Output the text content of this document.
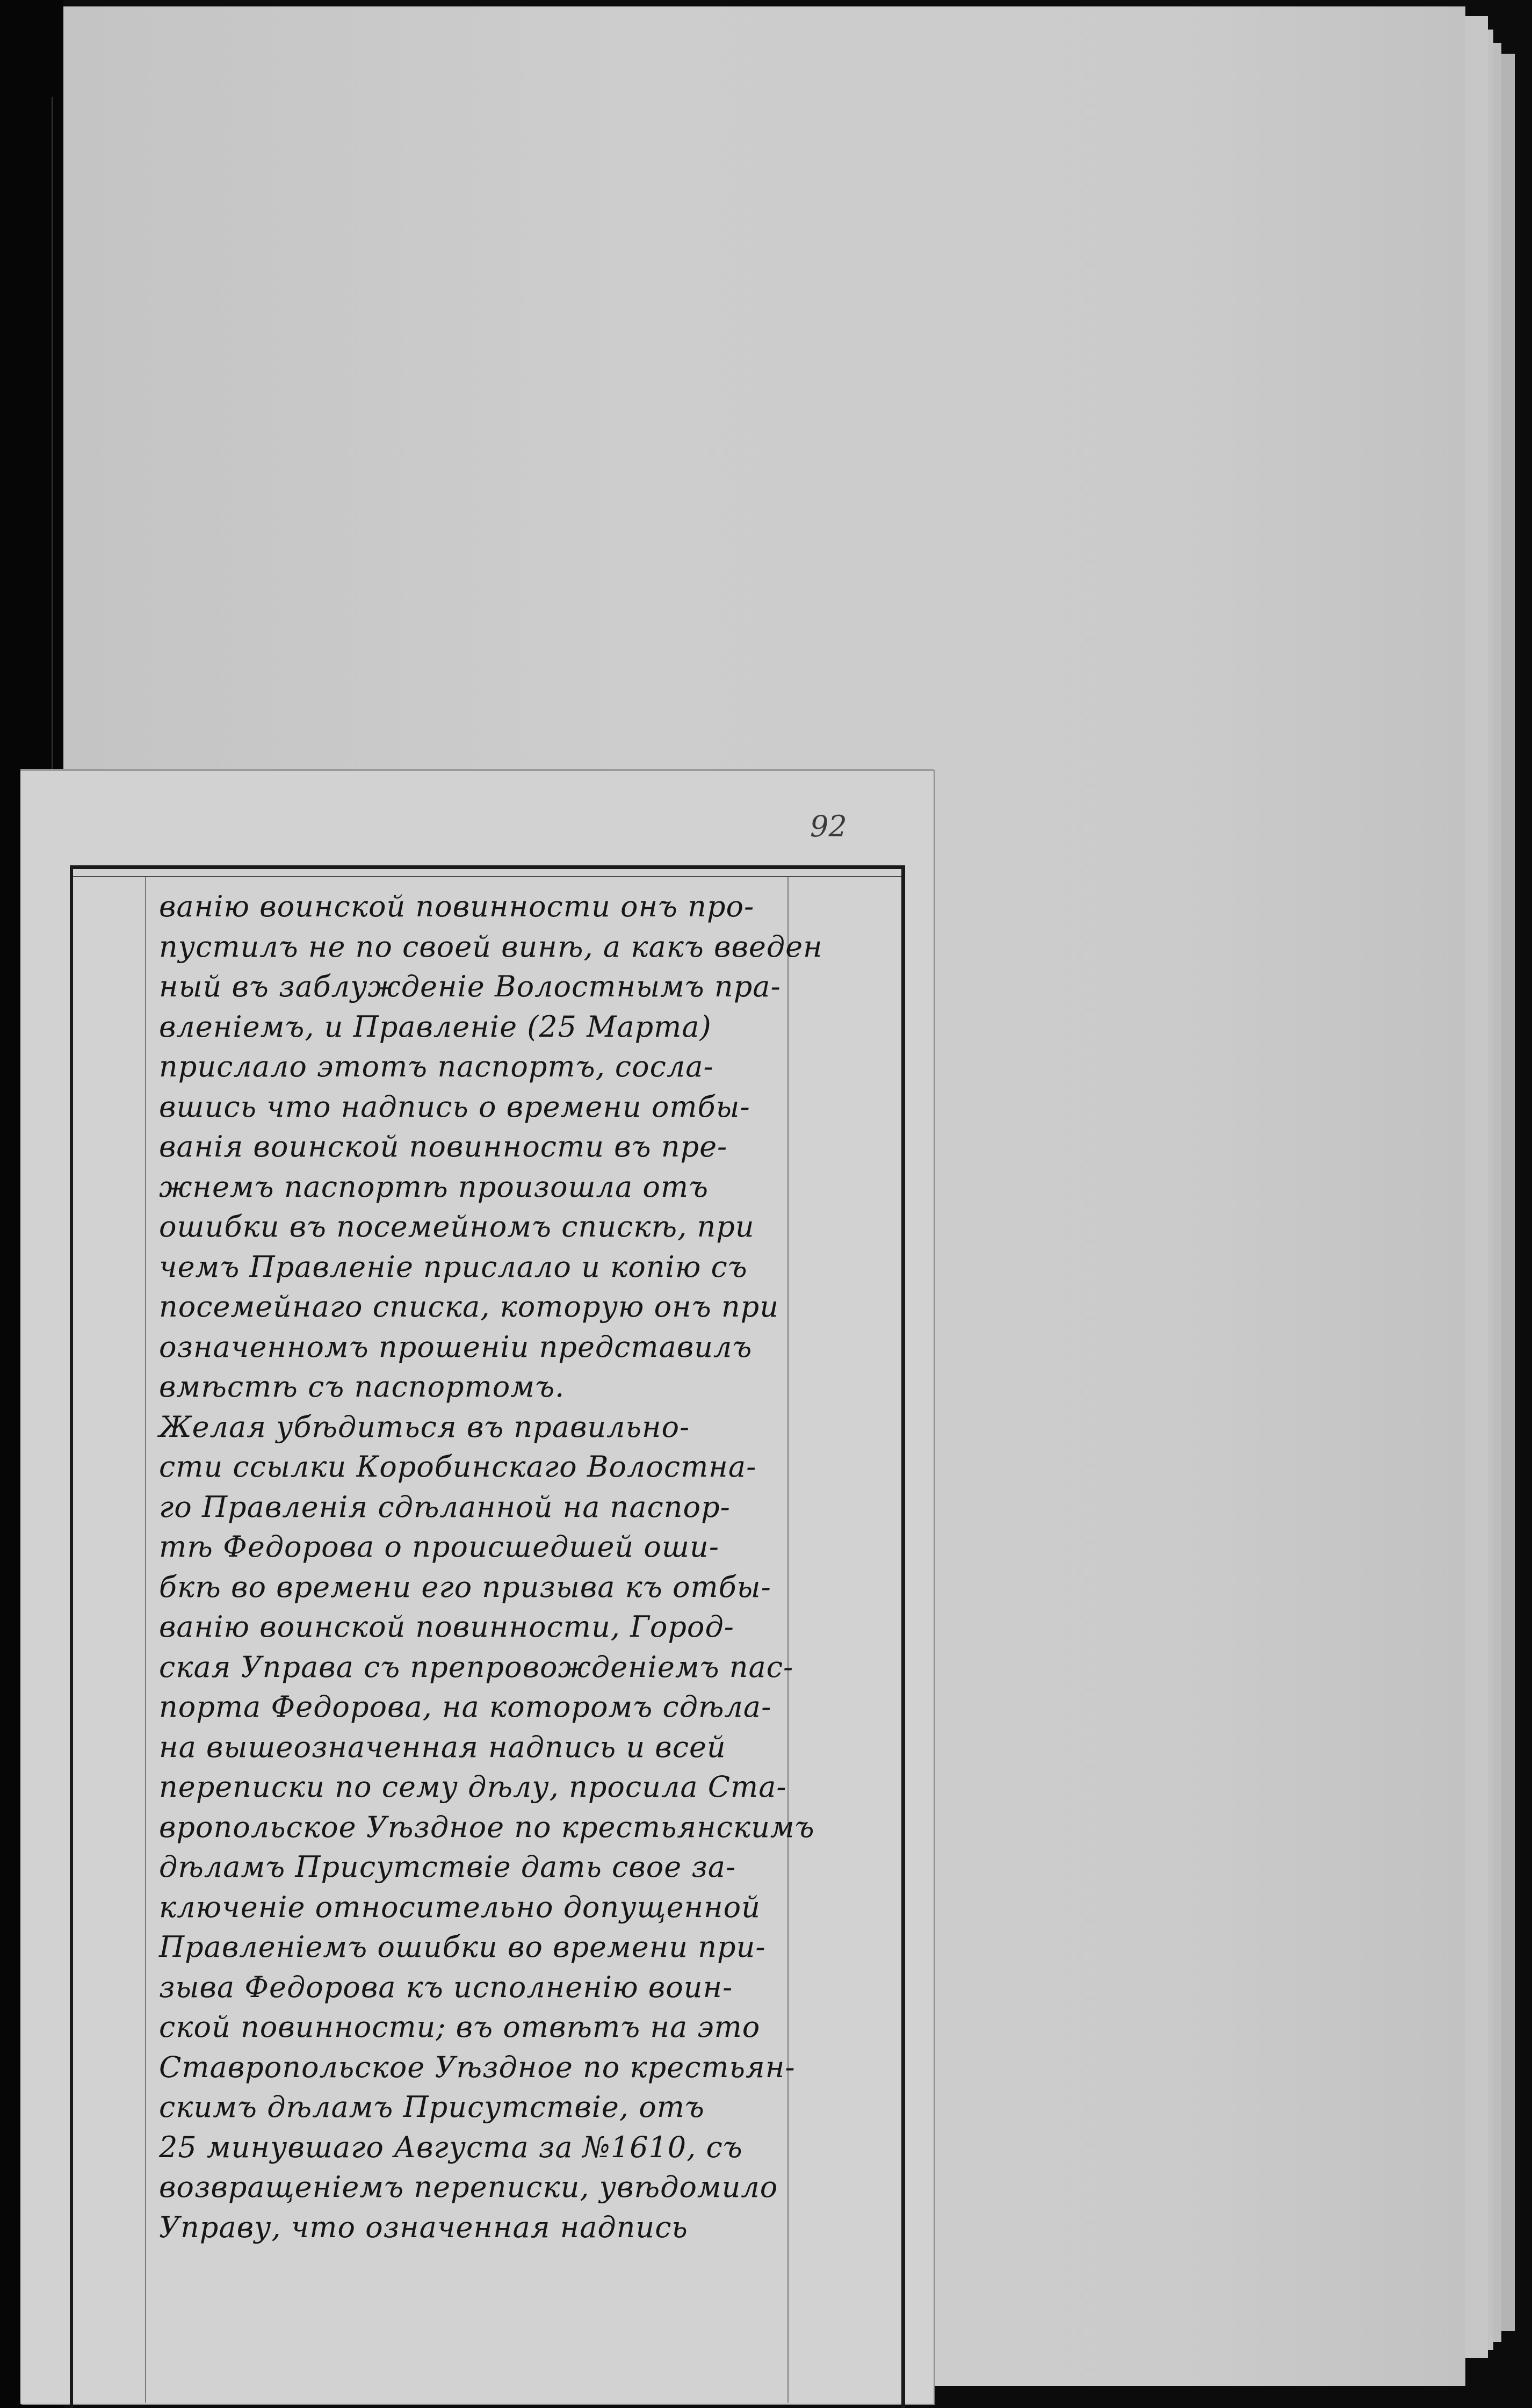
92
ванiю воинской повинности онъ про-
пустилъ не по своей винѣ, а какъ введен
ный въ заблужденiе Волостнымъ пра-
вленiемъ, и Правленiе (25 Марта)
прислало этотъ паспортъ, сосла-
вшись что надпись о времени отбы-
ванiя воинской повинности въ пре-
жнемъ паспортѣ произошла отъ
ошибки въ посемейномъ спискѣ, при
чемъ Правленiе прислало и копiю съ
посемейнаго списка, которую онъ при
означенномъ прошенiи представилъ
вмѣстѣ съ паспортомъ.
Желая убѣдиться въ правильно-
сти ссылки Коробинскаго Волостна-
го Правленiя сдѣланной на паспор-
тѣ Федорова о происшедшей оши-
бкѣ во времени его призыва къ отбы-
ванiю воинской повинности, Город-
ская Управа съ препровожденiемъ пас-
порта Федорова, на которомъ сдѣла-
на вышеозначенная надпись и всей
переписки по сему дѣлу, просила Ста-
вропольское Уѣздное по крестьянскимъ
дѣламъ Присутствiе дать свое за-
ключенiе относительно допущенной
Правленiемъ ошибки во времени при-
зыва Федорова къ исполненiю воин-
ской повинности; въ отвѣтъ на это
Ставропольское Уѣздное по крестьян-
скимъ дѣламъ Присутствiе, отъ
25 минувшаго Августа за №1610, съ
возвращенiемъ переписки, увѣдомило
Управу, что означенная надпись
